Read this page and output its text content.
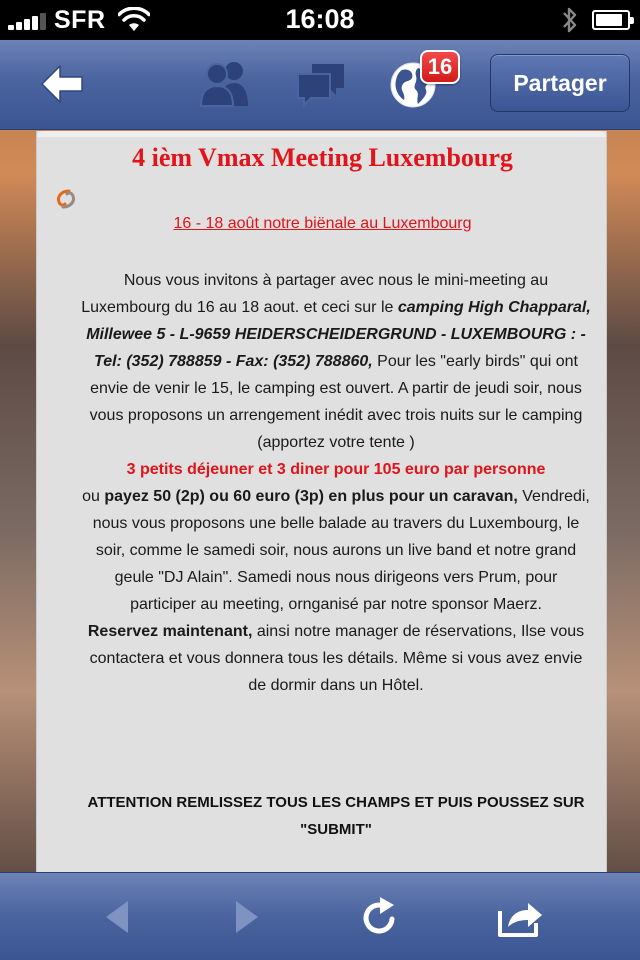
SFR	16:08
16
Partager
4 ièm Vmax Meeting Luxembourg
16 - 18 août notre biënale au Luxembourg
Nous vous invitons à partager avec nous le mini-meeting au Luxembourg du 16 au 18 aout. et ceci sur le camping High Chapparal, Millewee 5 - L-9659 HEIDERSCHEIDERGRUND - LUXEMBOURG : - Tel: (352) 788859 - Fax: (352) 788860, Pour les "early birds" qui ont envie de venir le 15, le camping est ouvert. A partir de jeudi soir, nous vous proposons un arrengement inédit avec trois nuits sur le camping (apportez votre tente )
3 petits déjeuner et 3 diner pour 105 euro par personne
ou payez 50 (2p) ou 60 euro (3p) en plus pour un caravan, Vendredi, nous vous proposons une belle balade au travers du Luxembourg, le soir, comme le samedi soir, nous aurons un live band et notre grand geule "DJ Alain". Samedi nous nous dirigeons vers Prum, pour participer au meeting, ornganisé par notre sponsor Maerz.
Reservez maintenant, ainsi notre manager de réservations, Ilse vous contactera et vous donnera tous les détails. Même si vous avez envie de dormir dans un Hôtel.
ATTENTION REMLISSEZ TOUS LES CHAMPS ET PUIS POUSSEZ SUR "SUBMIT"
